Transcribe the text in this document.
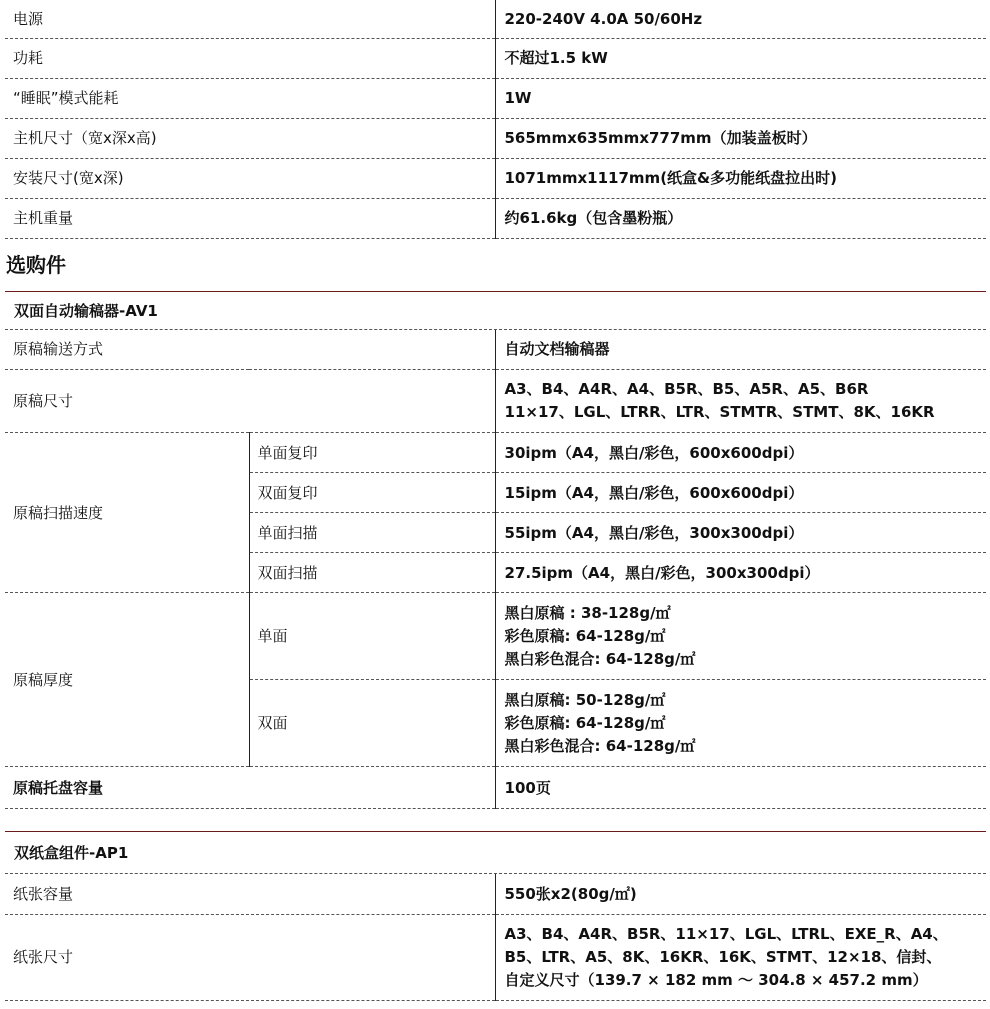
电源	220-240V 4.0A 50/60Hz
功耗	不超过1.5 kW
“睡眠”模式能耗	1W
主机尺寸（宽x深x高)	565mmx635mmx777mm（加装盖板时）
安装尺寸(宽x深)	1071mmx1117mm(纸盒&多功能纸盘拉出时)
主机重量	约61.6kg（包含墨粉瓶）
选购件
双面自动输稿器-AV1
原稿输送方式		自动文档输稿器
原稿尺寸		A3、B4、A4R、A4、B5R、B5、A5R、A5、B6R
11×17、LGL、LTRR、LTR、STMTR、STMT、8K、16KR

原稿扫描速度	单面复印	30ipm（A4，黑白/彩色，600x600dpi）
	双面复印	15ipm（A4，黑白/彩色，600x600dpi）
	单面扫描	55ipm（A4，黑白/彩色，300x300dpi）
	双面扫描	27.5ipm（A4，黑白/彩色，300x300dpi）
原稿厚度	单面	黑白原稿 : 38-128g/㎡
彩色原稿: 64-128g/㎡
黑白彩色混合: 64-128g/㎡

	双面	黑白原稿: 50-128g/㎡
彩色原稿: 64-128g/㎡
黑白彩色混合: 64-128g/㎡

原稿托盘容量		100页
双纸盒组件-AP1
纸张容量	550张x2(80g/㎡)
纸张尺寸	A3、B4、A4R、B5R、11×17、LGL、LTRL、EXE_R、A4、
B5、LTR、A5、8K、16KR、16K、STMT、12×18、信封、
自定义尺寸（139.7 × 182 mm ～ 304.8 × 457.2 mm）
